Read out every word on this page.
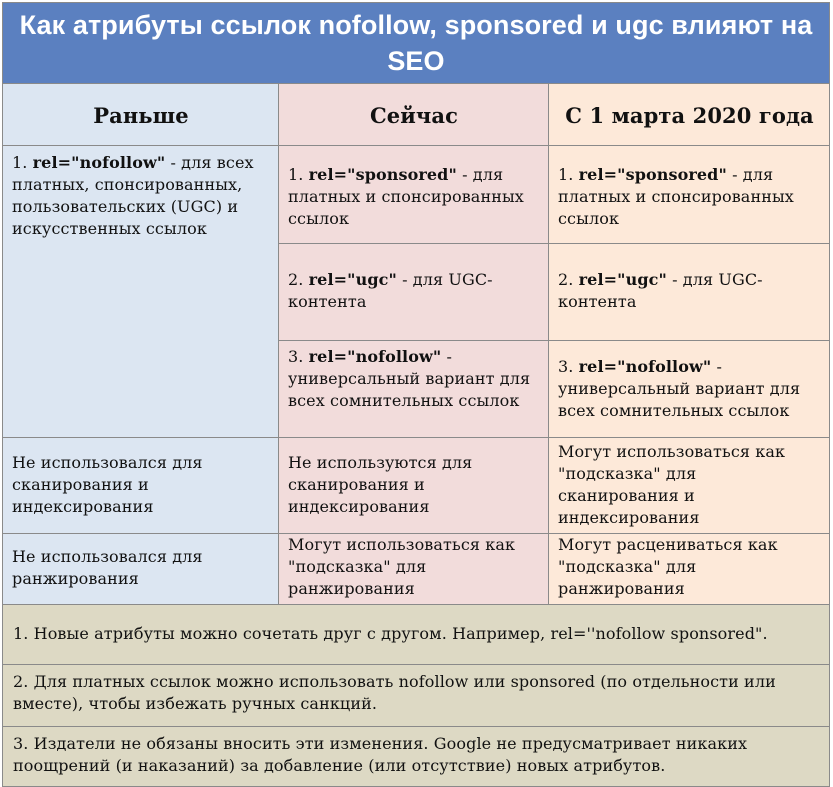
Как атрибуты ссылок nofollow, sponsored и ugc влияют на SEO		
Раньше	Сейчас	С 1 марта 2020 года
1. rel="nofollow" - для всех платных, спонсированных, пользовательских (UGC) и искусственных ссылок	1. rel="sponsored" - для платных и спонсированных ссылок	1. rel="sponsored" - для платных и спонсированных ссылок
	2. rel="ugc" - для UGC-контента	2. rel="ugc" - для UGC-контента
	3. rel="nofollow" - универсальный вариант для всех сомнительных ссылок	3. rel="nofollow" - универсальный вариант для всех сомнительных ссылок
Не использовался для сканирования и индексирования	Не используются для сканирования и индексирования	Могут использоваться как "подсказка" для сканирования и индексирования
Не использовался для ранжирования	Могут использоваться как "подсказка" для ранжирования	Могут расцениваться как "подсказка" для ранжирования
1. Новые атрибуты можно сочетать друг с другом. Например, rel=''nofollow sponsored".		
2. Для платных ссылок можно использовать nofollow или sponsored (по отдельности или вместе), чтобы избежать ручных санкций.		
3. Издатели не обязаны вносить эти изменения. Google не предусматривает никаких поощрений (и наказаний) за добавление (или отсутствие) новых атрибутов.		
